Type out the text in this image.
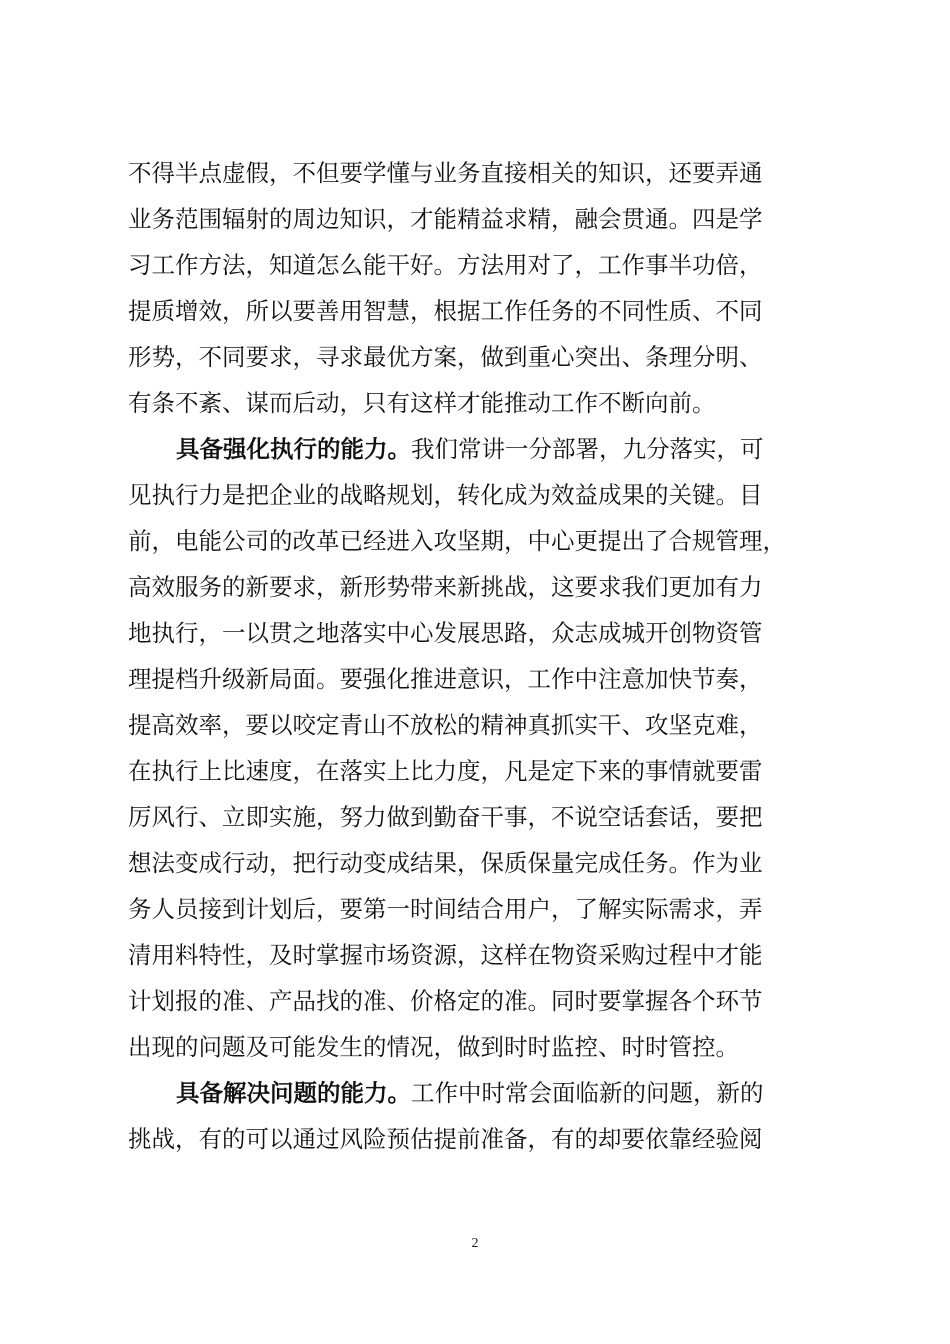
不得半点虚假，不但要学懂与业务直接相关的知识，还要弄通
业务范围辐射的周边知识，才能精益求精，融会贯通。四是学
习工作方法，知道怎么能干好。方法用对了，工作事半功倍，
提质增效，所以要善用智慧，根据工作任务的不同性质、不同
形势，不同要求，寻求最优方案，做到重心突出、条理分明、
有条不紊、谋而后动，只有这样才能推动工作不断向前。
具备强化执行的能力。我们常讲一分部署，九分落实，可
见执行力是把企业的战略规划，转化成为效益成果的关键。目
前，电能公司的改革已经进入攻坚期，中心更提出了合规管理，
高效服务的新要求，新形势带来新挑战，这要求我们更加有力
地执行，一以贯之地落实中心发展思路，众志成城开创物资管
理提档升级新局面。要强化推进意识，工作中注意加快节奏，
提高效率，要以咬定青山不放松的精神真抓实干、攻坚克难，
在执行上比速度，在落实上比力度，凡是定下来的事情就要雷
厉风行、立即实施，努力做到勤奋干事，不说空话套话，要把
想法变成行动，把行动变成结果，保质保量完成任务。作为业
务人员接到计划后，要第一时间结合用户，了解实际需求，弄
清用料特性，及时掌握市场资源，这样在物资采购过程中才能
计划报的准、产品找的准、价格定的准。同时要掌握各个环节
出现的问题及可能发生的情况，做到时时监控、时时管控。
具备解决问题的能力。工作中时常会面临新的问题，新的
挑战，有的可以通过风险预估提前准备，有的却要依靠经验阅
2
